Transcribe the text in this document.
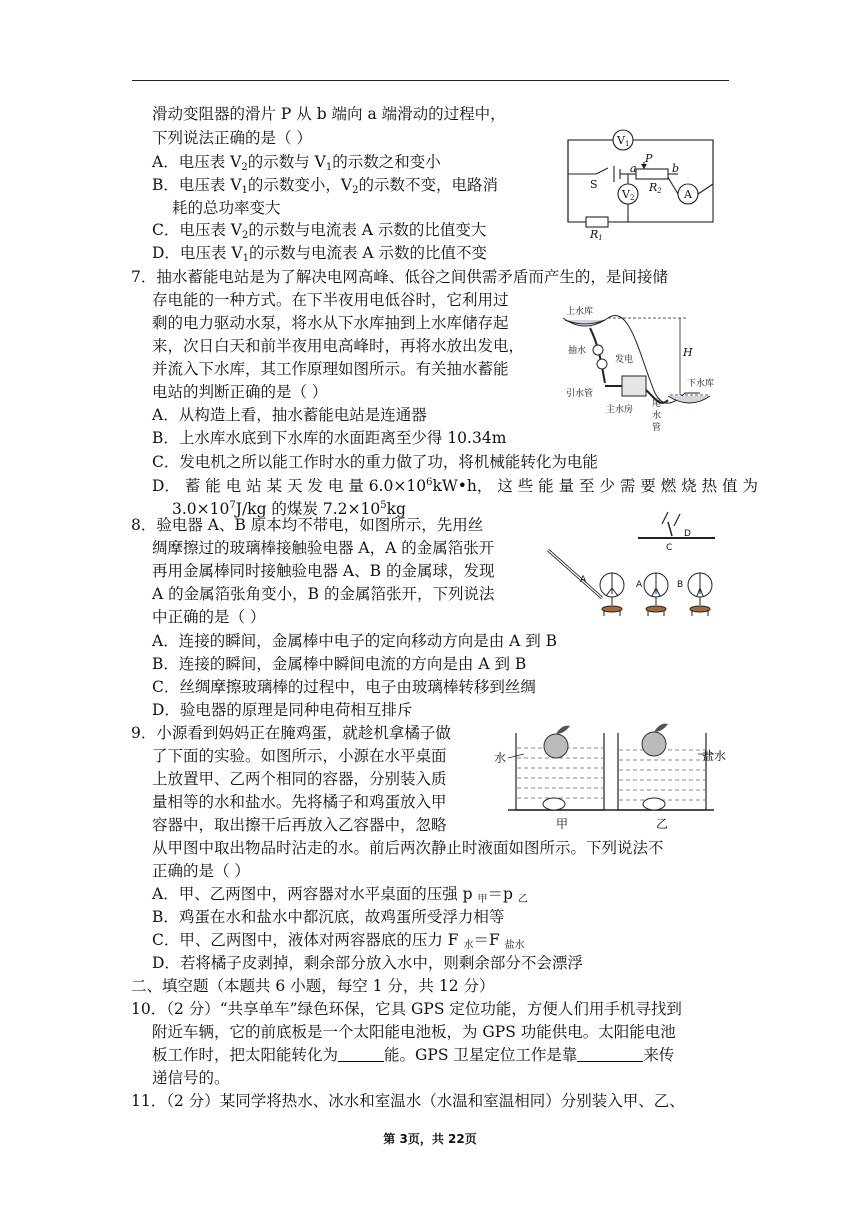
滑动变阻器的滑片 P 从 b 端向 a 端滑动的过程中，
下列说法正确的是（ ）
A．电压表 $V_2$的示数与 $V_1$的示数之和变小
B．电压表 $V_1$的示数变小，$V_2$的示数不变，电路消
耗的总功率变大
C．电压表 $V_2$的示数与电流表 A 示数的比值变大
D．电压表 $V_1$的示数与电流表 A 示数的比值不变
V1
V2	A
S
P
a	b
R2
R1
7．抽水蓄能电站是为了解决电网高峰、低谷之间供需矛盾而产生的，是间接储
存电能的一种方式。在下半夜用电低谷时，它利用过
剩的电力驱动水泵，将水从下水库抽到上水库储存起
来，次日白天和前半夜用电高峰时，再将水放出发电，
并流入下水库，其工作原理如图所示。有关抽水蓄能
电站的判断正确的是（ ）
A．从构造上看，抽水蓄能电站是连通器
B．上水库水底到下水库的水面距离至少得 10.34m
C．发电机之所以能工作时水的重力做了功，将机械能转化为电能
D． 蓄 能 电 站 某 天 发 电 量 $6.0\times 10^6kW•h$， 这 些 能 量 至 少 需 要 燃 烧 热 值 为
$3.0\times 10^7J/kg$ 的煤炭 $7.2\times 10^5kg$
上水库
抽水
发电
H
下水库
引水管
主水房
尾
水
管
8．验电器 A、B 原本均不带电，如图所示，先用丝
绸摩擦过的玻璃棒接触验电器 A，A 的金属箔张开
再用金属棒同时接触验电器 A、B 的金属球，发现
A 的金属箔张角变小，B 的金属箔张开，下列说法
中正确的是（ ）
A．连接的瞬间，金属棒中电子的定向移动方向是由 A 到 B
B．连接的瞬间，金属棒中瞬间电流的方向是由 A 到 B
C．丝绸摩擦玻璃棒的过程中，电子由玻璃棒转移到丝绸
D．验电器的原理是同种电荷相互排斥
A	A
C
B
D
9．小源看到妈妈正在腌鸡蛋，就趁机拿橘子做
了下面的实验。如图所示，小源在水平桌面
上放置甲、乙两个相同的容器，分别装入质
量相等的水和盐水。先将橘子和鸡蛋放入甲
容器中，取出擦干后再放入乙容器中，忽略
从甲图中取出物品时沾走的水。前后两次静止时液面如图所示。下列说法不
正确的是（ ）
A．甲、乙两图中，两容器对水平桌面的压强 p $_甲$＝p $_乙$
B．鸡蛋在水和盐水中都沉底，故鸡蛋所受浮力相等
C．甲、乙两图中，液体对两容器底的压力 F $_水$＝F $_{盐水}$
D．若将橘子皮剥掉，剩余部分放入水中，则剩余部分不会漂浮
水	盐水
甲	乙
二、填空题（本题共 6 小题，每空 1 分，共 12 分）
10．（2 分）“共享单车”绿色环保，它具 GPS 定位功能，方便人们用手机寻找到
附近车辆，它的前底板是一个太阳能电池板，为 GPS 功能供电。太阳能电池
板工作时，把太阳能转化为	能。GPS 卫星定位工作是靠	来传
递信号的。
11．（2 分）某同学将热水、冰水和室温水（水温和室温相同）分别装入甲、乙、
第 3页，共 22页
